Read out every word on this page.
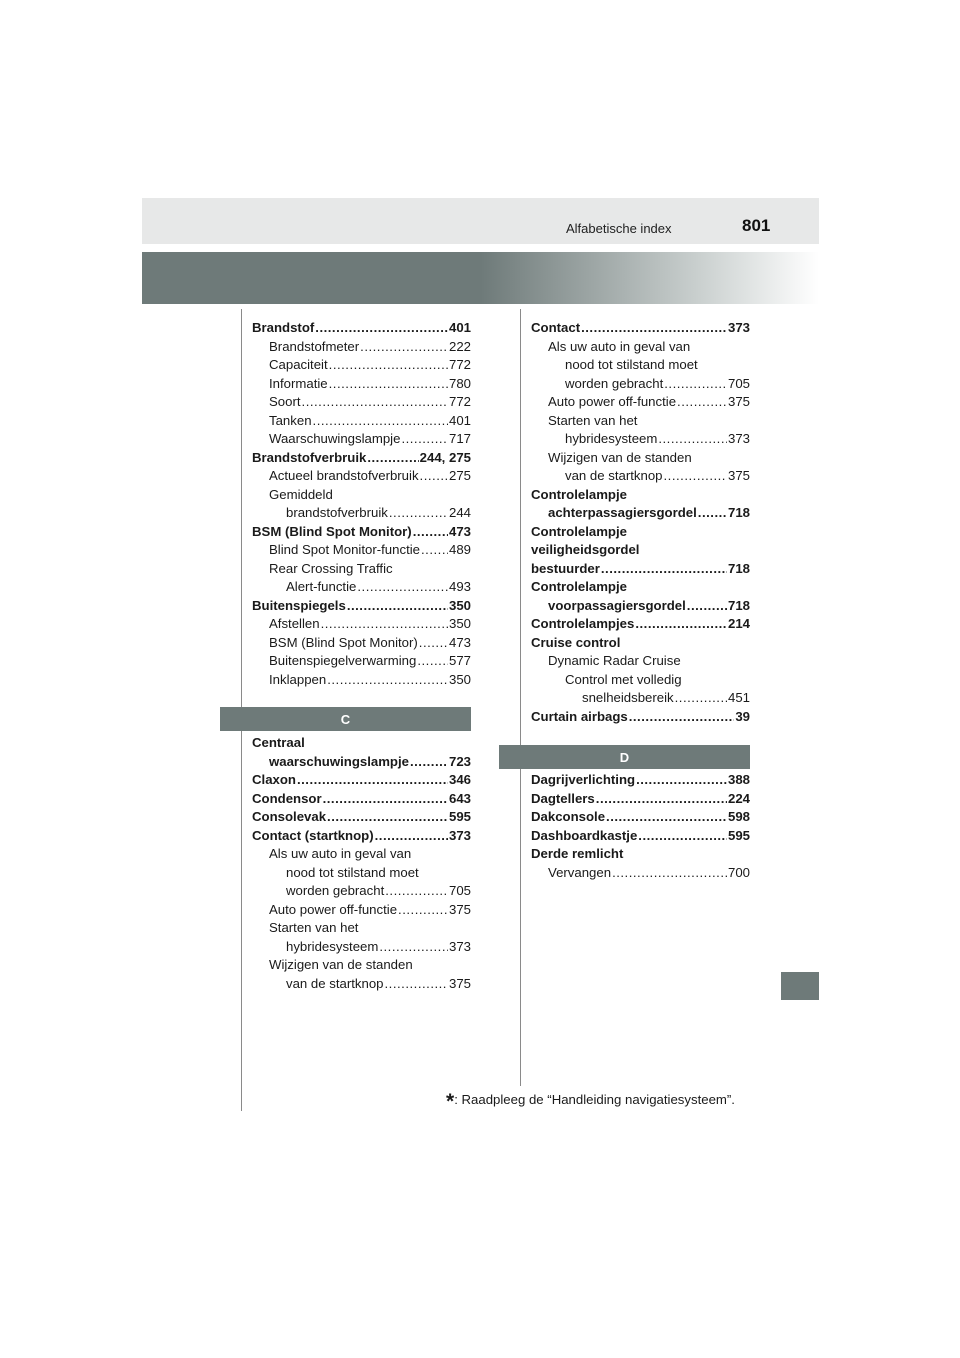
Alfabetische index	801
Brandstof .....	401
Brandstofmeter .....	222
Capaciteit .....	772
Informatie .....	780
Soort .....	772
Tanken .....	401
Waarschuwingslampje .....	717
Brandstofverbruik .....	244, 275
Actueel brandstofverbruik ..... 275
Gemiddeld
brandstofverbruik .....	244
BSM (Blind Spot Monitor) .....	473
Blind Spot Monitor-functie ..... 489
Rear Crossing Traffic
Alert-functie .....	493
Buitenspiegels .....	350
Afstellen .....	350
BSM (Blind Spot Monitor) ..... 473
Buitenspiegelverwarming ..... 577
Inklappen .....	350
C
Centraal
waarschuwingslampje .....	723
Claxon .....	346
Condensor .....	643
Consolevak .....	595
Contact (startknop) .....	373
Als uw auto in geval van
nood tot stilstand moet
worden gebracht .....	705
Auto power off-functie .....	375
Starten van het
hybridesysteem .....	373
Wijzigen van de standen
van de startknop .....	375
Contact .....	373
Als uw auto in geval van
nood tot stilstand moet
worden gebracht .....	705
Auto power off-functie .....	375
Starten van het
hybridesysteem .....	373
Wijzigen van de standen
van de startknop .....	375
Controlelampje
achterpassagiersgordel ..... 718
Controlelampje
veiligheidsgordel
bestuurder .....	718
Controlelampje
voorpassagiersgordel .....	718
Controlelampjes .....	214
Cruise control
Dynamic Radar Cruise
Control met volledig
snelheidsbereik .....	451
Curtain airbags .....	39
D
Dagrijverlichting .....	388
Dagtellers .....	224
Dakconsole .....	598
Dashboardkastje .....	595
Derde remlicht
Vervangen .....	700
*: Raadpleeg de “Handleiding navigatiesysteem”.
